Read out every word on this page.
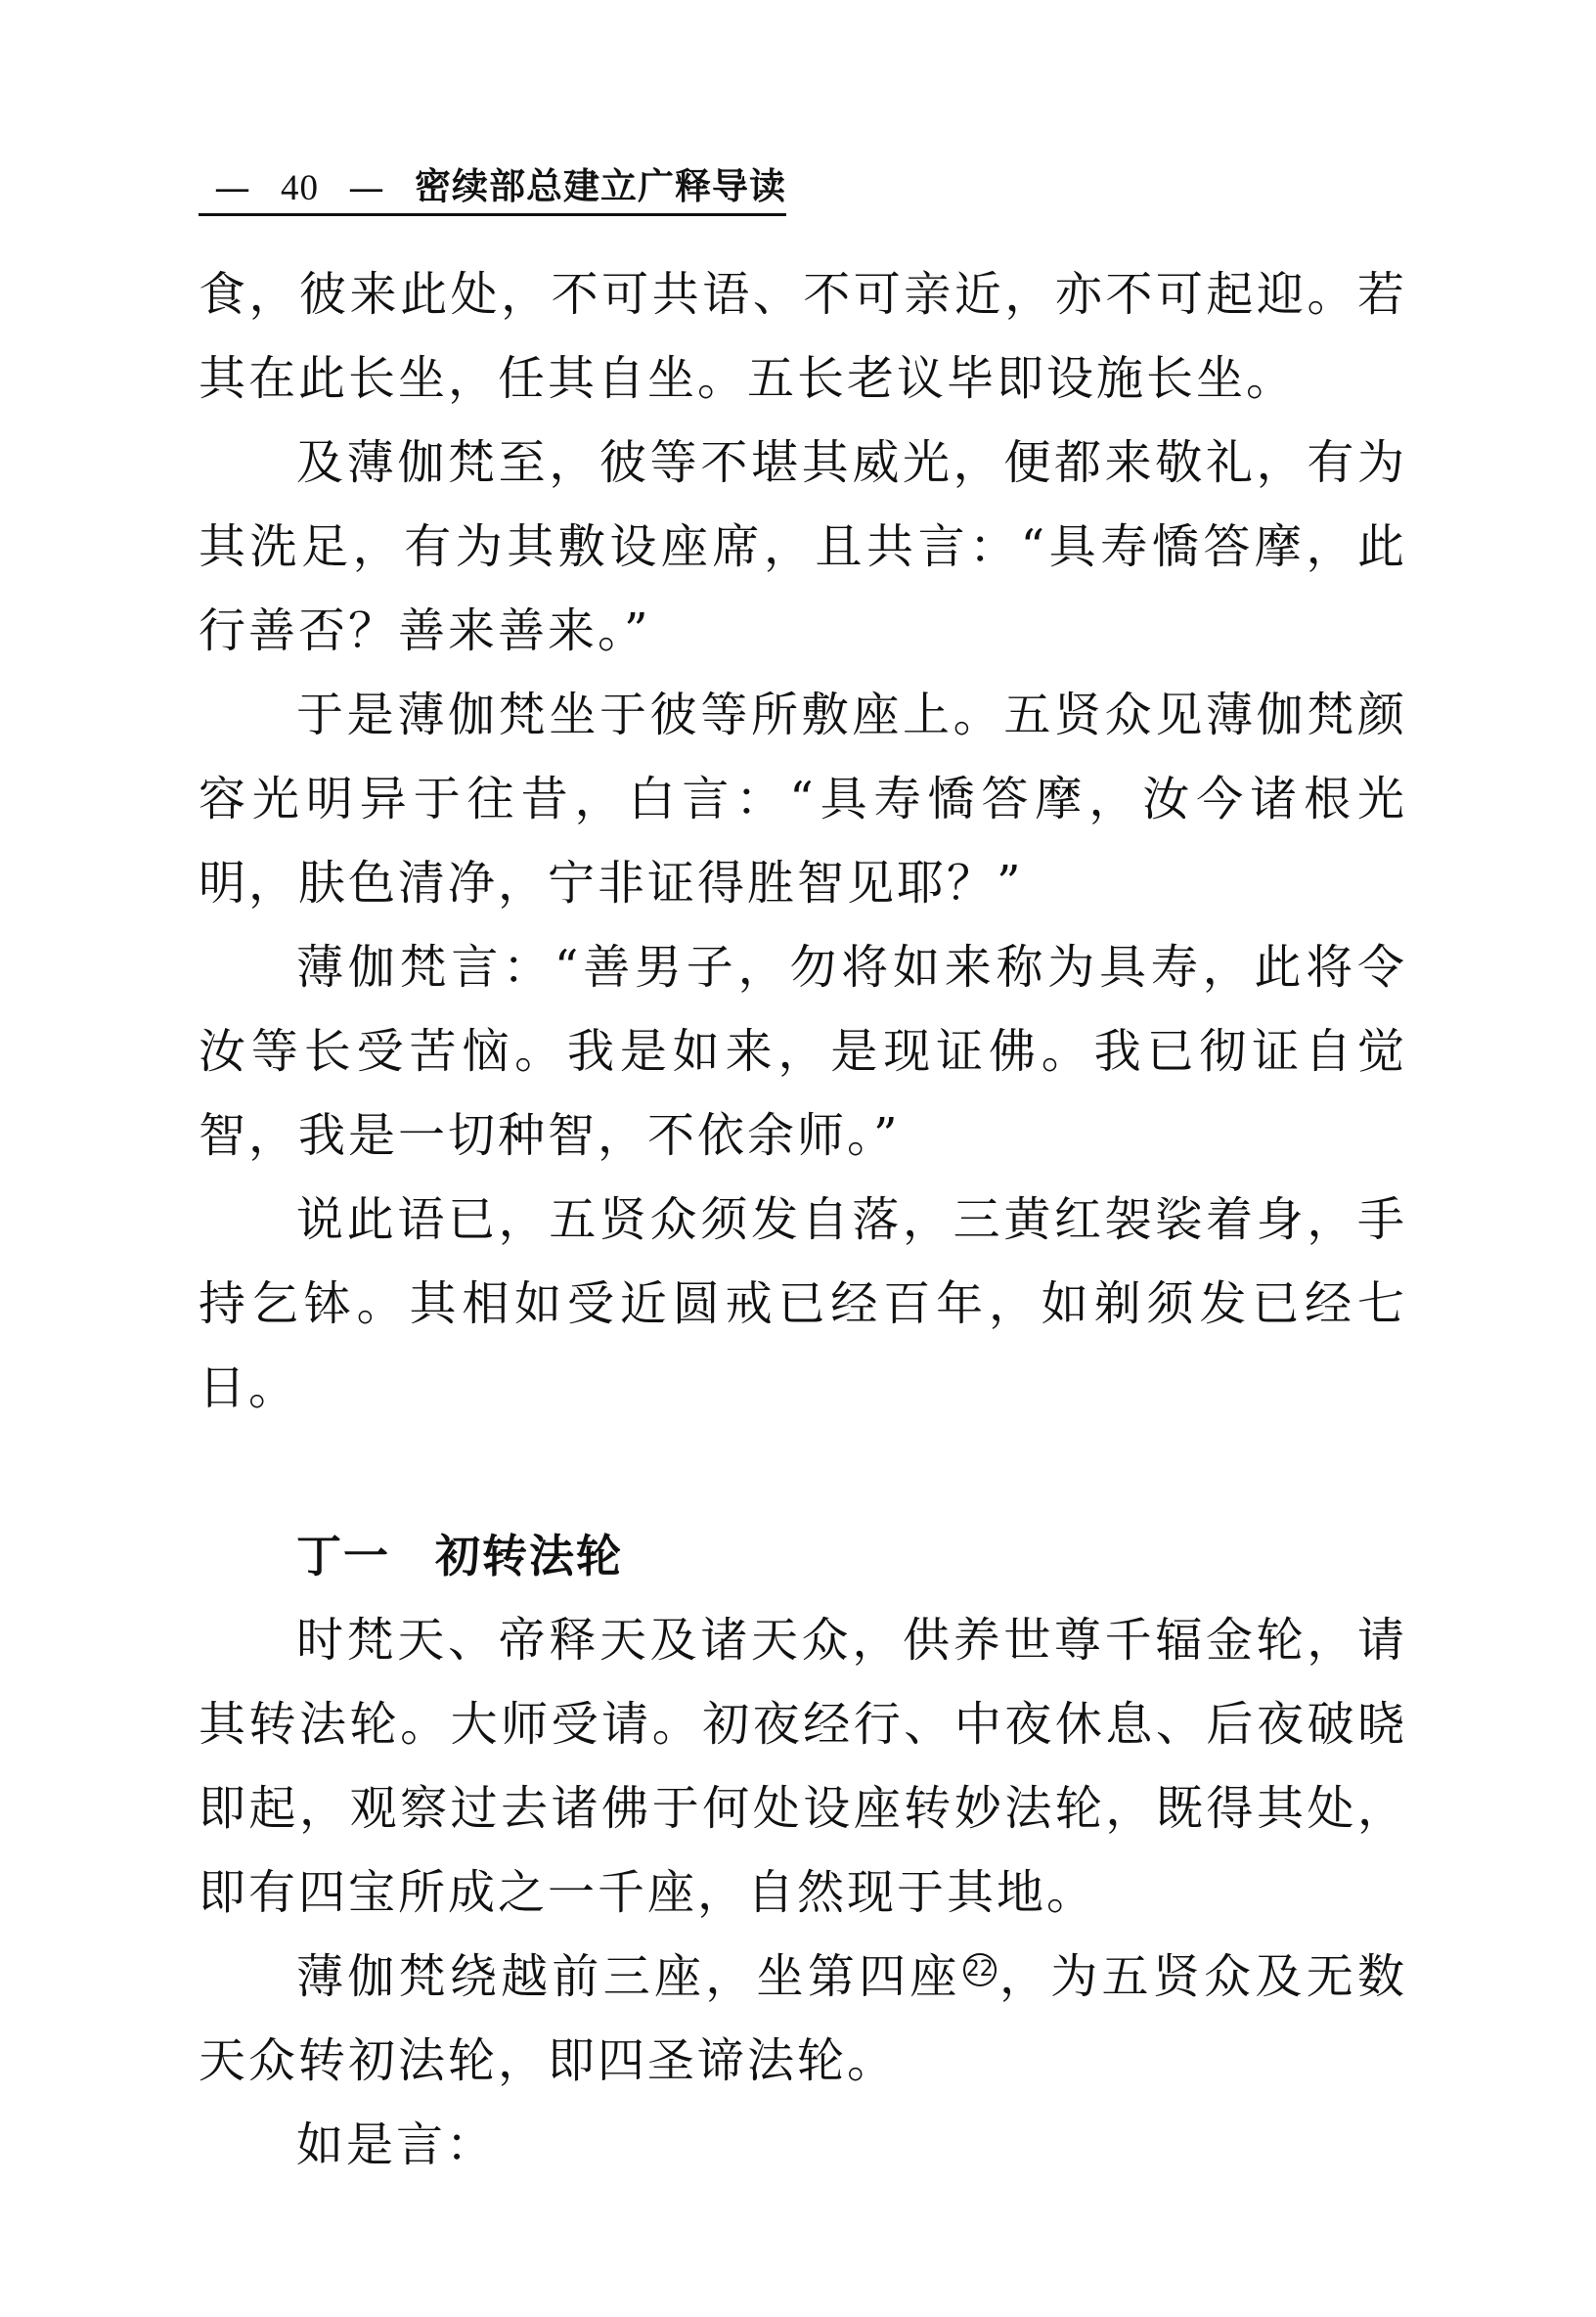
— 40 — 密续部总建立广释导读

食，彼来此处，不可共语、不可亲近，亦不可起迎。若其在此长坐，任其自坐。五长老议毕即设施长坐。

及薄伽梵至，彼等不堪其威光，便都来敬礼，有为其洗足，有为其敷设座席，且共言：“具寿憍答摩，此行善否？善来善来。”

于是薄伽梵坐于彼等所敷座上。五贤众见薄伽梵颜容光明异于往昔，白言：“具寿憍答摩，汝今诸根光明，肤色清净，宁非证得胜智见耶？”

薄伽梵言：“善男子，勿将如来称为具寿，此将令汝等长受苦恼。我是如来，是现证佛。我已彻证自觉智，我是一切种智，不依余师。”

说此语已，五贤众须发自落，三黄红袈裟着身，手持乞钵。其相如受近圆戒已经百年，如剃须发已经七日。

丁一 初转法轮

时梵天、帝释天及诸天众，供养世尊千辐金轮，请其转法轮。大师受请。初夜经行、中夜休息、后夜破晓即起，观察过去诸佛于何处设座转妙法轮，既得其处，即有四宝所成之一千座，自然现于其地。

薄伽梵绕越前三座，坐第四座 22 ，为五贤众及无数天众转初法轮，即四圣谛法轮。

如是言：
